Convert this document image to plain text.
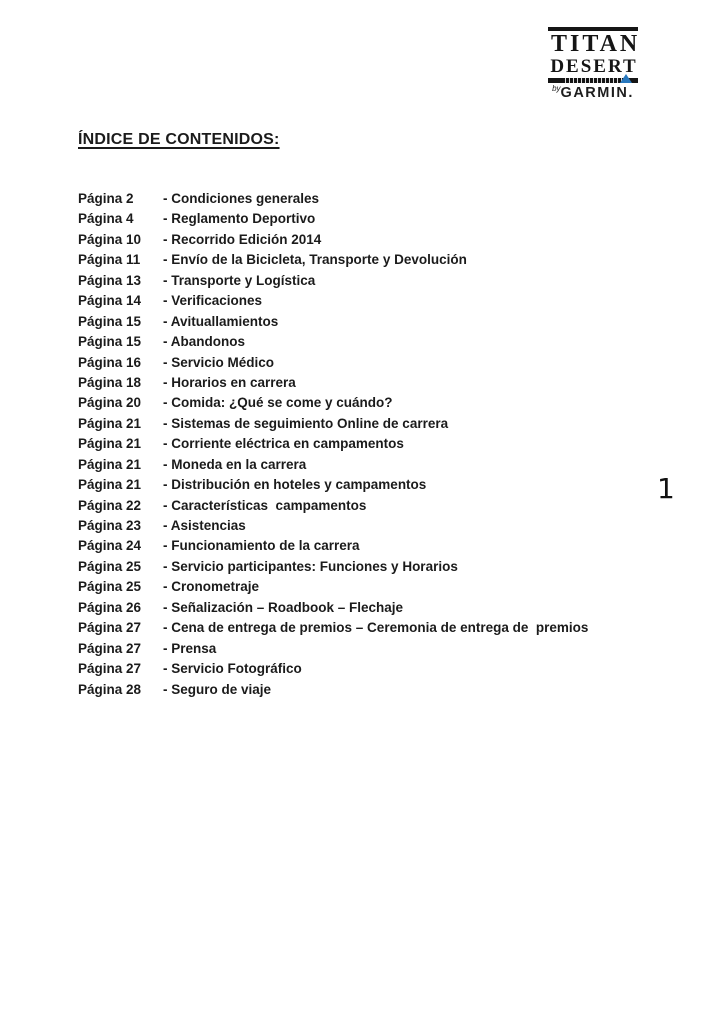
TITAN
DESERT
$^{by}$GARMIN.
ÍNDICE DE CONTENIDOS:
Página 2	- Condiciones generales
Página 4	- Reglamento Deportivo
Página 10	- Recorrido Edición 2014
Página 11	- Envío de la Bicicleta, Transporte y Devolución
Página 13	- Transporte y Logística
Página 14	- Verificaciones
Página 15	- Avituallamientos
Página 15	- Abandonos
Página 16	- Servicio Médico
Página 18	- Horarios en carrera
Página 20	- Comida: ¿Qué se come y cuándo?
Página 21	- Sistemas de seguimiento Online de carrera
Página 21	- Corriente eléctrica en campamentos
Página 21	- Moneda en la carrera
Página 21	- Distribución en hoteles y campamentos
Página 22	- Características  campamentos
Página 23	- Asistencias
Página 24	- Funcionamiento de la carrera
Página 25	- Servicio participantes: Funciones y Horarios
Página 25	- Cronometraje
Página 26	- Señalización – Roadbook – Flechaje
Página 27	- Cena de entrega de premios – Ceremonia de entrega de  premios
Página 27	- Prensa
Página 27	- Servicio Fotográfico
Página 28	- Seguro de viaje
1
